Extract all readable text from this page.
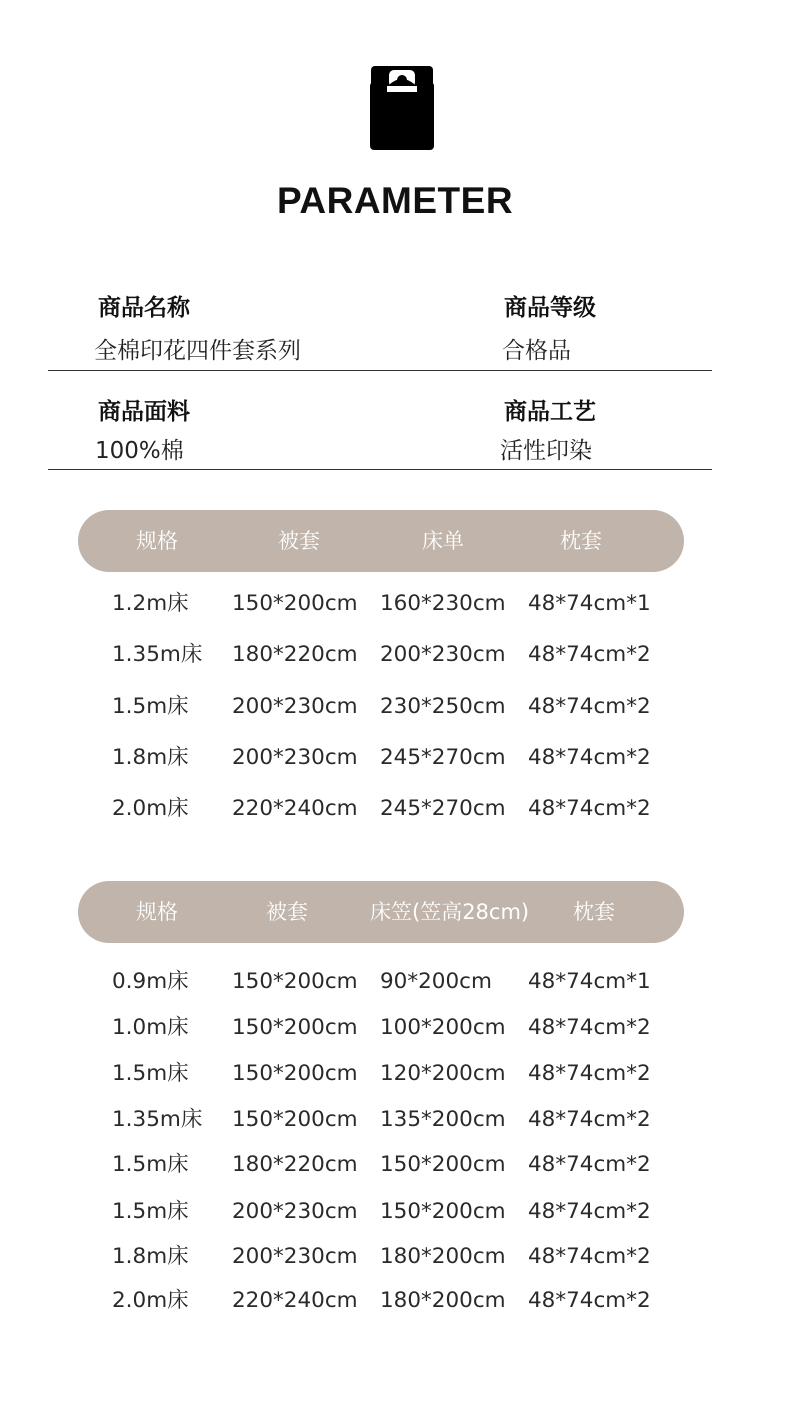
PARAMETER
商品名称
全棉印花四件套系列
商品等级
合格品
商品面料
100%棉
商品工艺
活性印染
规格	被套	床单	枕套
1.2m床 150*200cm 160*230cm 48*74cm*1
1.35m床 180*220cm 200*230cm 48*74cm*2
1.5m床 200*230cm 230*250cm 48*74cm*2
1.8m床 200*230cm 245*270cm 48*74cm*2
2.0m床 220*240cm 245*270cm 48*74cm*2
规格	被套	床笠(笠高28cm) 枕套
0.9m床 150*200cm 90*200cm 48*74cm*1
1.0m床 150*200cm 100*200cm 48*74cm*2
1.5m床 150*200cm 120*200cm 48*74cm*2
1.35m床 150*200cm 135*200cm 48*74cm*2
1.5m床 180*220cm 150*200cm 48*74cm*2
1.5m床 200*230cm 150*200cm 48*74cm*2
1.8m床 200*230cm 180*200cm 48*74cm*2
2.0m床 220*240cm 180*200cm 48*74cm*2
